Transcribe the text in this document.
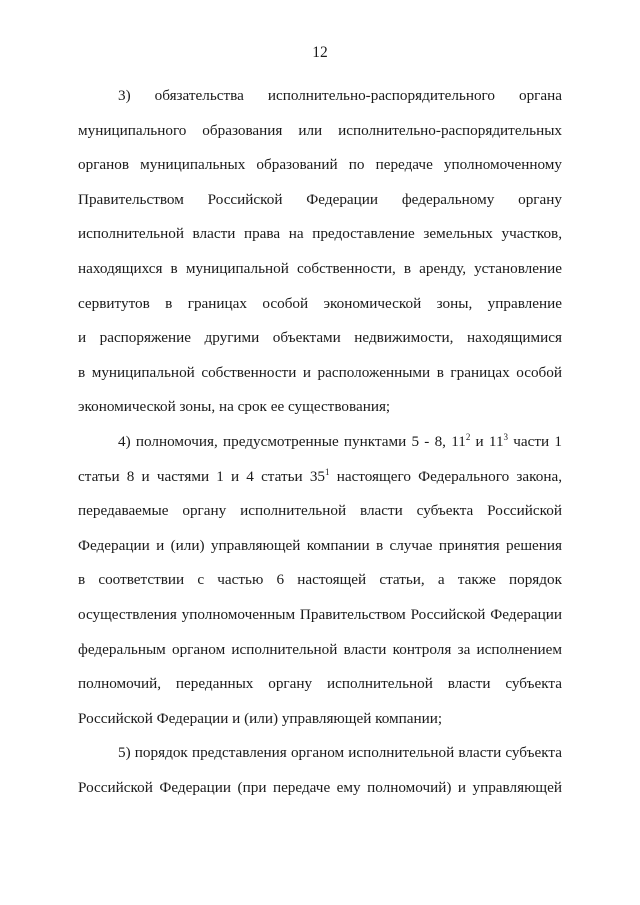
12
3) обязательства исполнительно-распорядительного органа
муниципального образования или исполнительно-распорядительных
органов муниципальных образований по передаче уполномоченному
Правительством Российской Федерации федеральному органу
исполнительной власти права на предоставление земельных участков,
находящихся в муниципальной собственности, в аренду, установление
сервитутов в границах особой экономической зоны, управление
и распоряжение другими объектами недвижимости, находящимися
в муниципальной собственности и расположенными в границах особой
экономической зоны, на срок ее существования;
4) полномочия, предусмотренные пунктами 5 - 8, $11^2$ и $11^3$ части 1
статьи 8 и частями 1 и 4 статьи $35^1$ настоящего Федерального закона,
передаваемые органу исполнительной власти субъекта Российской
Федерации и (или) управляющей компании в случае принятия решения
в соответствии с частью 6 настоящей статьи, а также порядок
осуществления уполномоченным Правительством Российской Федерации
федеральным органом исполнительной власти контроля за исполнением
полномочий, переданных органу исполнительной власти субъекта
Российской Федерации и (или) управляющей компании;
5) порядок представления органом исполнительной власти субъекта
Российской Федерации (при передаче ему полномочий) и управляющей
